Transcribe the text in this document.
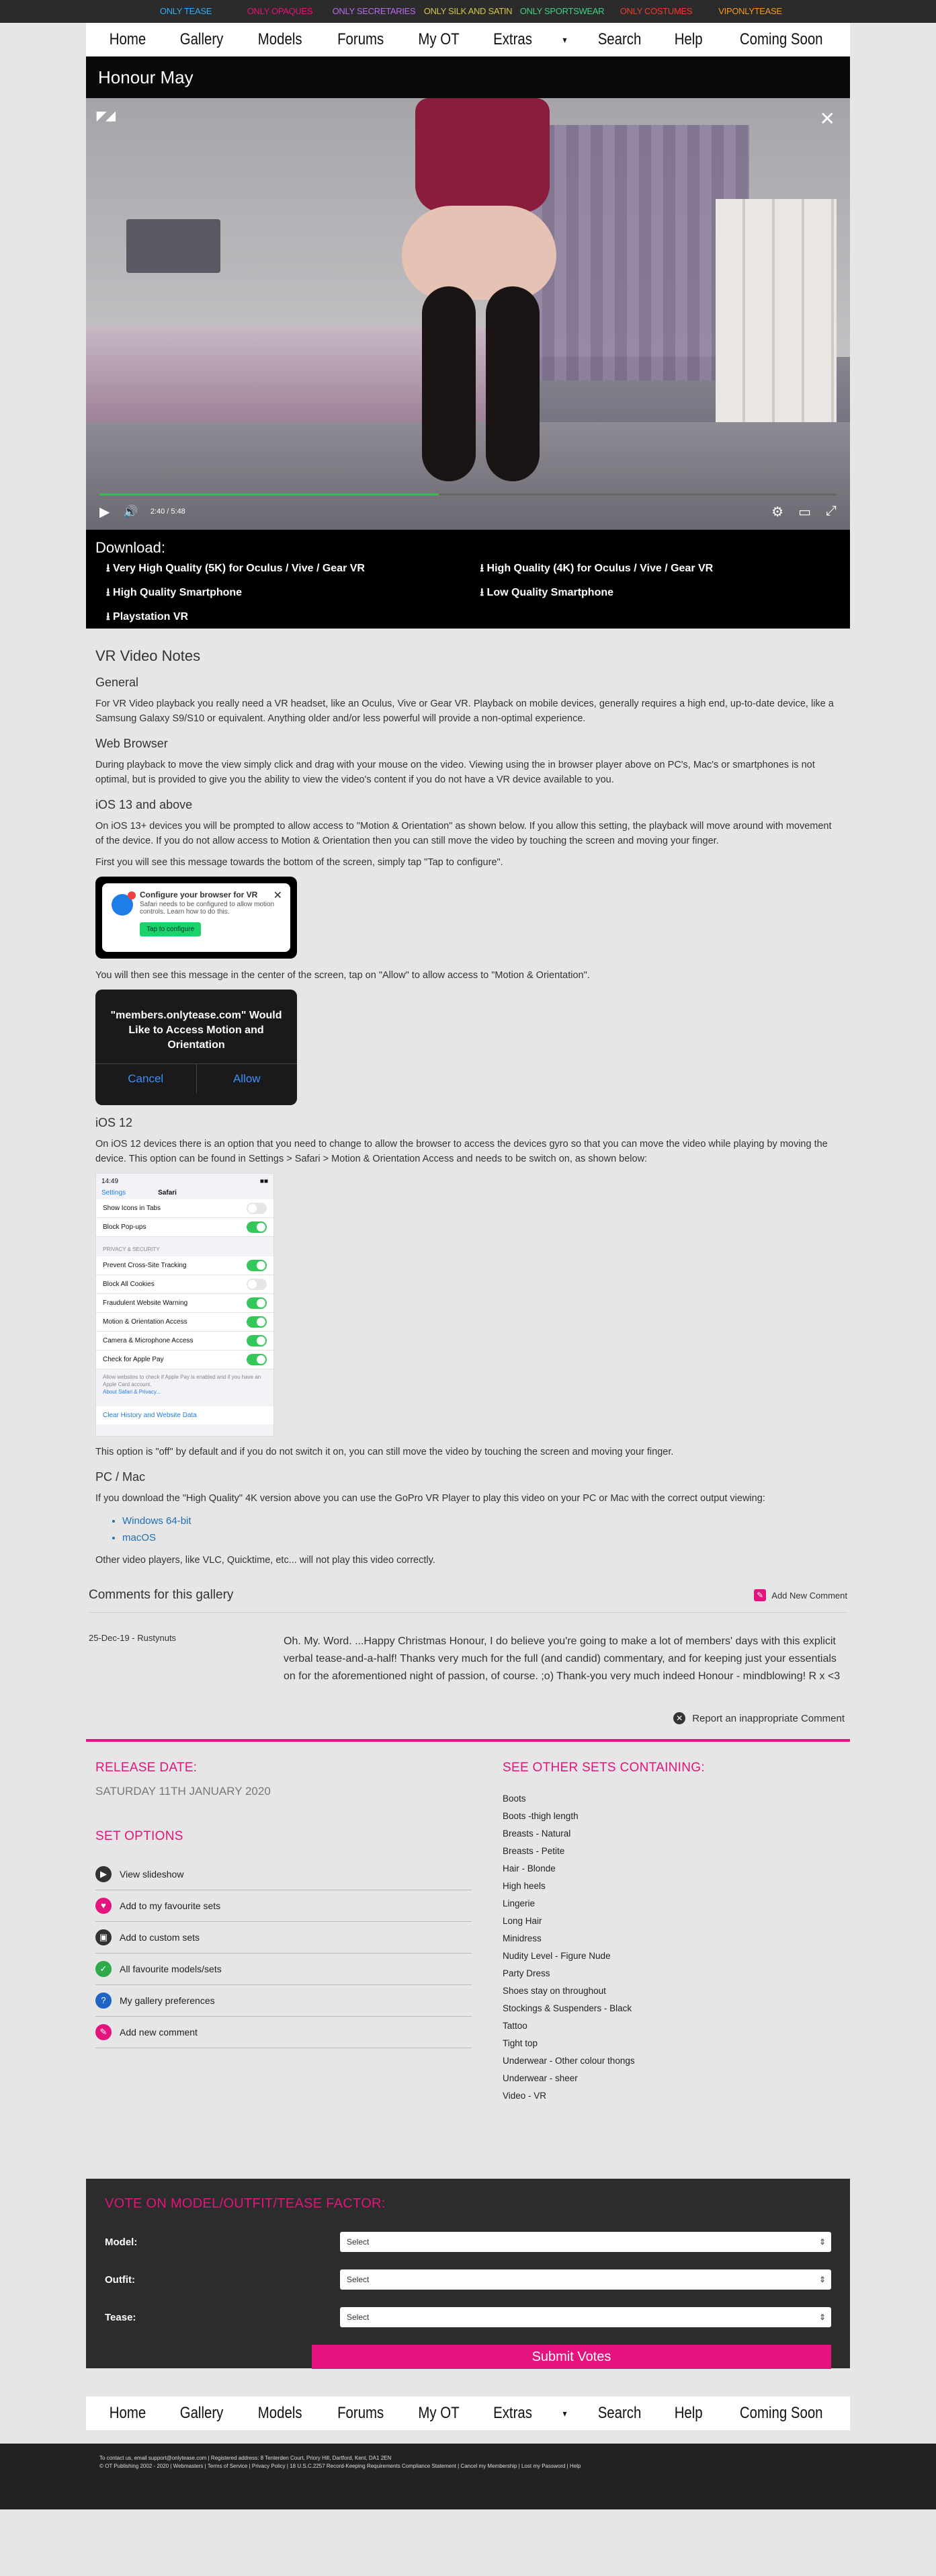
ONLY TEASE	ONLY OPAQUES	ONLY SECRETARIES ONLY SILK AND SATIN ONLY SPORTSWEAR	ONLY COSTUMES	VIPONLYTEASE
Home Gallery Models Forums My OT Extras	▾ Search Help Coming Soon
Honour May
◤◢	✕
▶ 🔊 2:40 / 5:48	⚙ ▭ ⤢
Download:
⭳ Very High Quality (5K) for Oculus / Vive / Gear VR	⭳ High Quality (4K) for Oculus / Vive / Gear VR
⭳ High Quality Smartphone	⭳ Low Quality Smartphone
⭳ Playstation VR
VR Video Notes
General

For VR Video playback you really need a VR headset, like an Oculus, Vive or Gear VR. Playback on mobile devices, generally requires a high end, up-to-date device, like a Samsung Galaxy S9/S10 or equivalent. Anything older and/or less powerful will provide a non-optimal experience.

Web Browser

During playback to move the view simply click and drag with your mouse on the video. Viewing using the in browser player above on PC's, Mac's or smartphones is not optimal, but is provided to give you the ability to view the video's content if you do not have a VR device available to you.

iOS 13 and above

On iOS 13+ devices you will be prompted to allow access to "Motion & Orientation" as shown below. If you allow this setting, the playback will move around with movement of the device. If you do not allow access to Motion & Orientation then you can still move the video by touching the screen and moving your finger.

First you will see this message towards the bottom of the screen, simply tap "Tap to configure".

✕
Configure your browser for VR
Safari needs to be configured to allow motion controls. Learn how to do this.
Tap to configure

You will then see this message in the center of the screen, tap on "Allow" to allow access to "Motion & Orientation".

"members.onlytease.com" Would Like to Access Motion and Orientation
Cancel	Allow
iOS 12

On iOS 12 devices there is an option that you need to change to allow the browser to access the devices gyro so that you can move the video while playing by moving the device. This option can be found in Settings > Safari > Motion & Orientation Access and needs to be switch on, as shown below:

14:49	■■
Settings	Safari
Show Icons in Tabs
Block Pop-ups
PRIVACY & SECURITY
Prevent Cross-Site Tracking
Block All Cookies
Fraudulent Website Warning
Motion & Orientation Access
Camera & Microphone Access
Check for Apple Pay
Allow websites to check if Apple Pay is enabled and if you have an Apple Card account.
About Safari & Privacy...
Clear History and Website Data

This option is "off" by default and if you do not switch it on, you can still move the video by touching the screen and moving your finger.

PC / Mac

If you download the "High Quality" 4K version above you can use the GoPro VR Player to play this video on your PC or Mac with the correct output viewing:

• Windows 64-bit
• macOS

Other video players, like VLC, Quicktime, etc... will not play this video correctly.

Comments for this gallery	✎ Add New Comment
25-Dec-19 - Rustynuts	Oh. My. Word. ...Happy Christmas Honour, I do believe you're going to make a lot of members' days with this explicit verbal tease-and-a-half! Thanks very much for the full (and candid) commentary, and for keeping just your essentials on for the aforementioned night of passion, of course. ;o) Thank-you very much indeed Honour - mindblowing! R x <3
✕ Report an inappropriate Comment
RELEASE DATE:
SATURDAY 11TH JANUARY 2020
SET OPTIONS
▶	View slideshow
♥	Add to my favourite sets
▣	Add to custom sets
✓	All favourite models/sets
?	My gallery preferences
✎	Add new comment
SEE OTHER SETS CONTAINING:
Boots
Boots -thigh length
Breasts - Natural
Breasts - Petite
Hair - Blonde
High heels
Lingerie
Long Hair
Minidress
Nudity Level - Figure Nude
Party Dress
Shoes stay on throughout
Stockings & Suspenders - Black
Tattoo
Tight top
Underwear - Other colour thongs
Underwear - sheer
Video - VR
VOTE ON MODEL/OUTFIT/TEASE FACTOR:
Model:	Select ⇕
Outfit:	Select ⇕
Tease:	Select ⇕
Submit Votes
Home Gallery Models Forums My OT Extras	▾ Search Help Coming Soon
To contact us, email support@onlytease.com | Registered address: 8 Tenterden Court, Priory Hill, Dartford, Kent, DA1 2EN
© OT Publishing 2002 - 2020 | Webmasters | Terms of Service | Privacy Policy | 18 U.S.C.2257 Record-Keeping Requirements Compliance Statement | Cancel my Membership | Lost my Password | Help
